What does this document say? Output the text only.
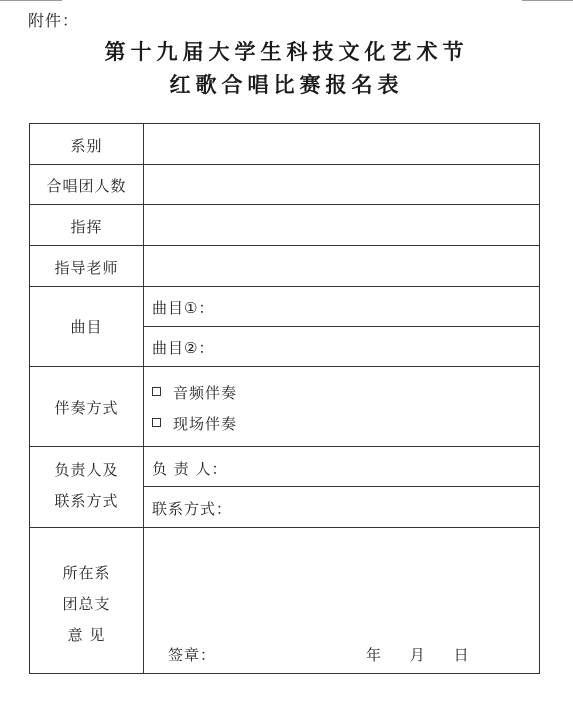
附件：
第十九届大学生科技文化艺术节
红歌合唱比赛报名表
系别
合唱团人数
指挥
指导老师
曲目
曲目①：
曲目②：
伴奏方式
音频伴奏
现场伴奏
负责人及
联系方式
负 责 人：
联系方式：
所在系
团总支
意 见
签章：	年 月 日
